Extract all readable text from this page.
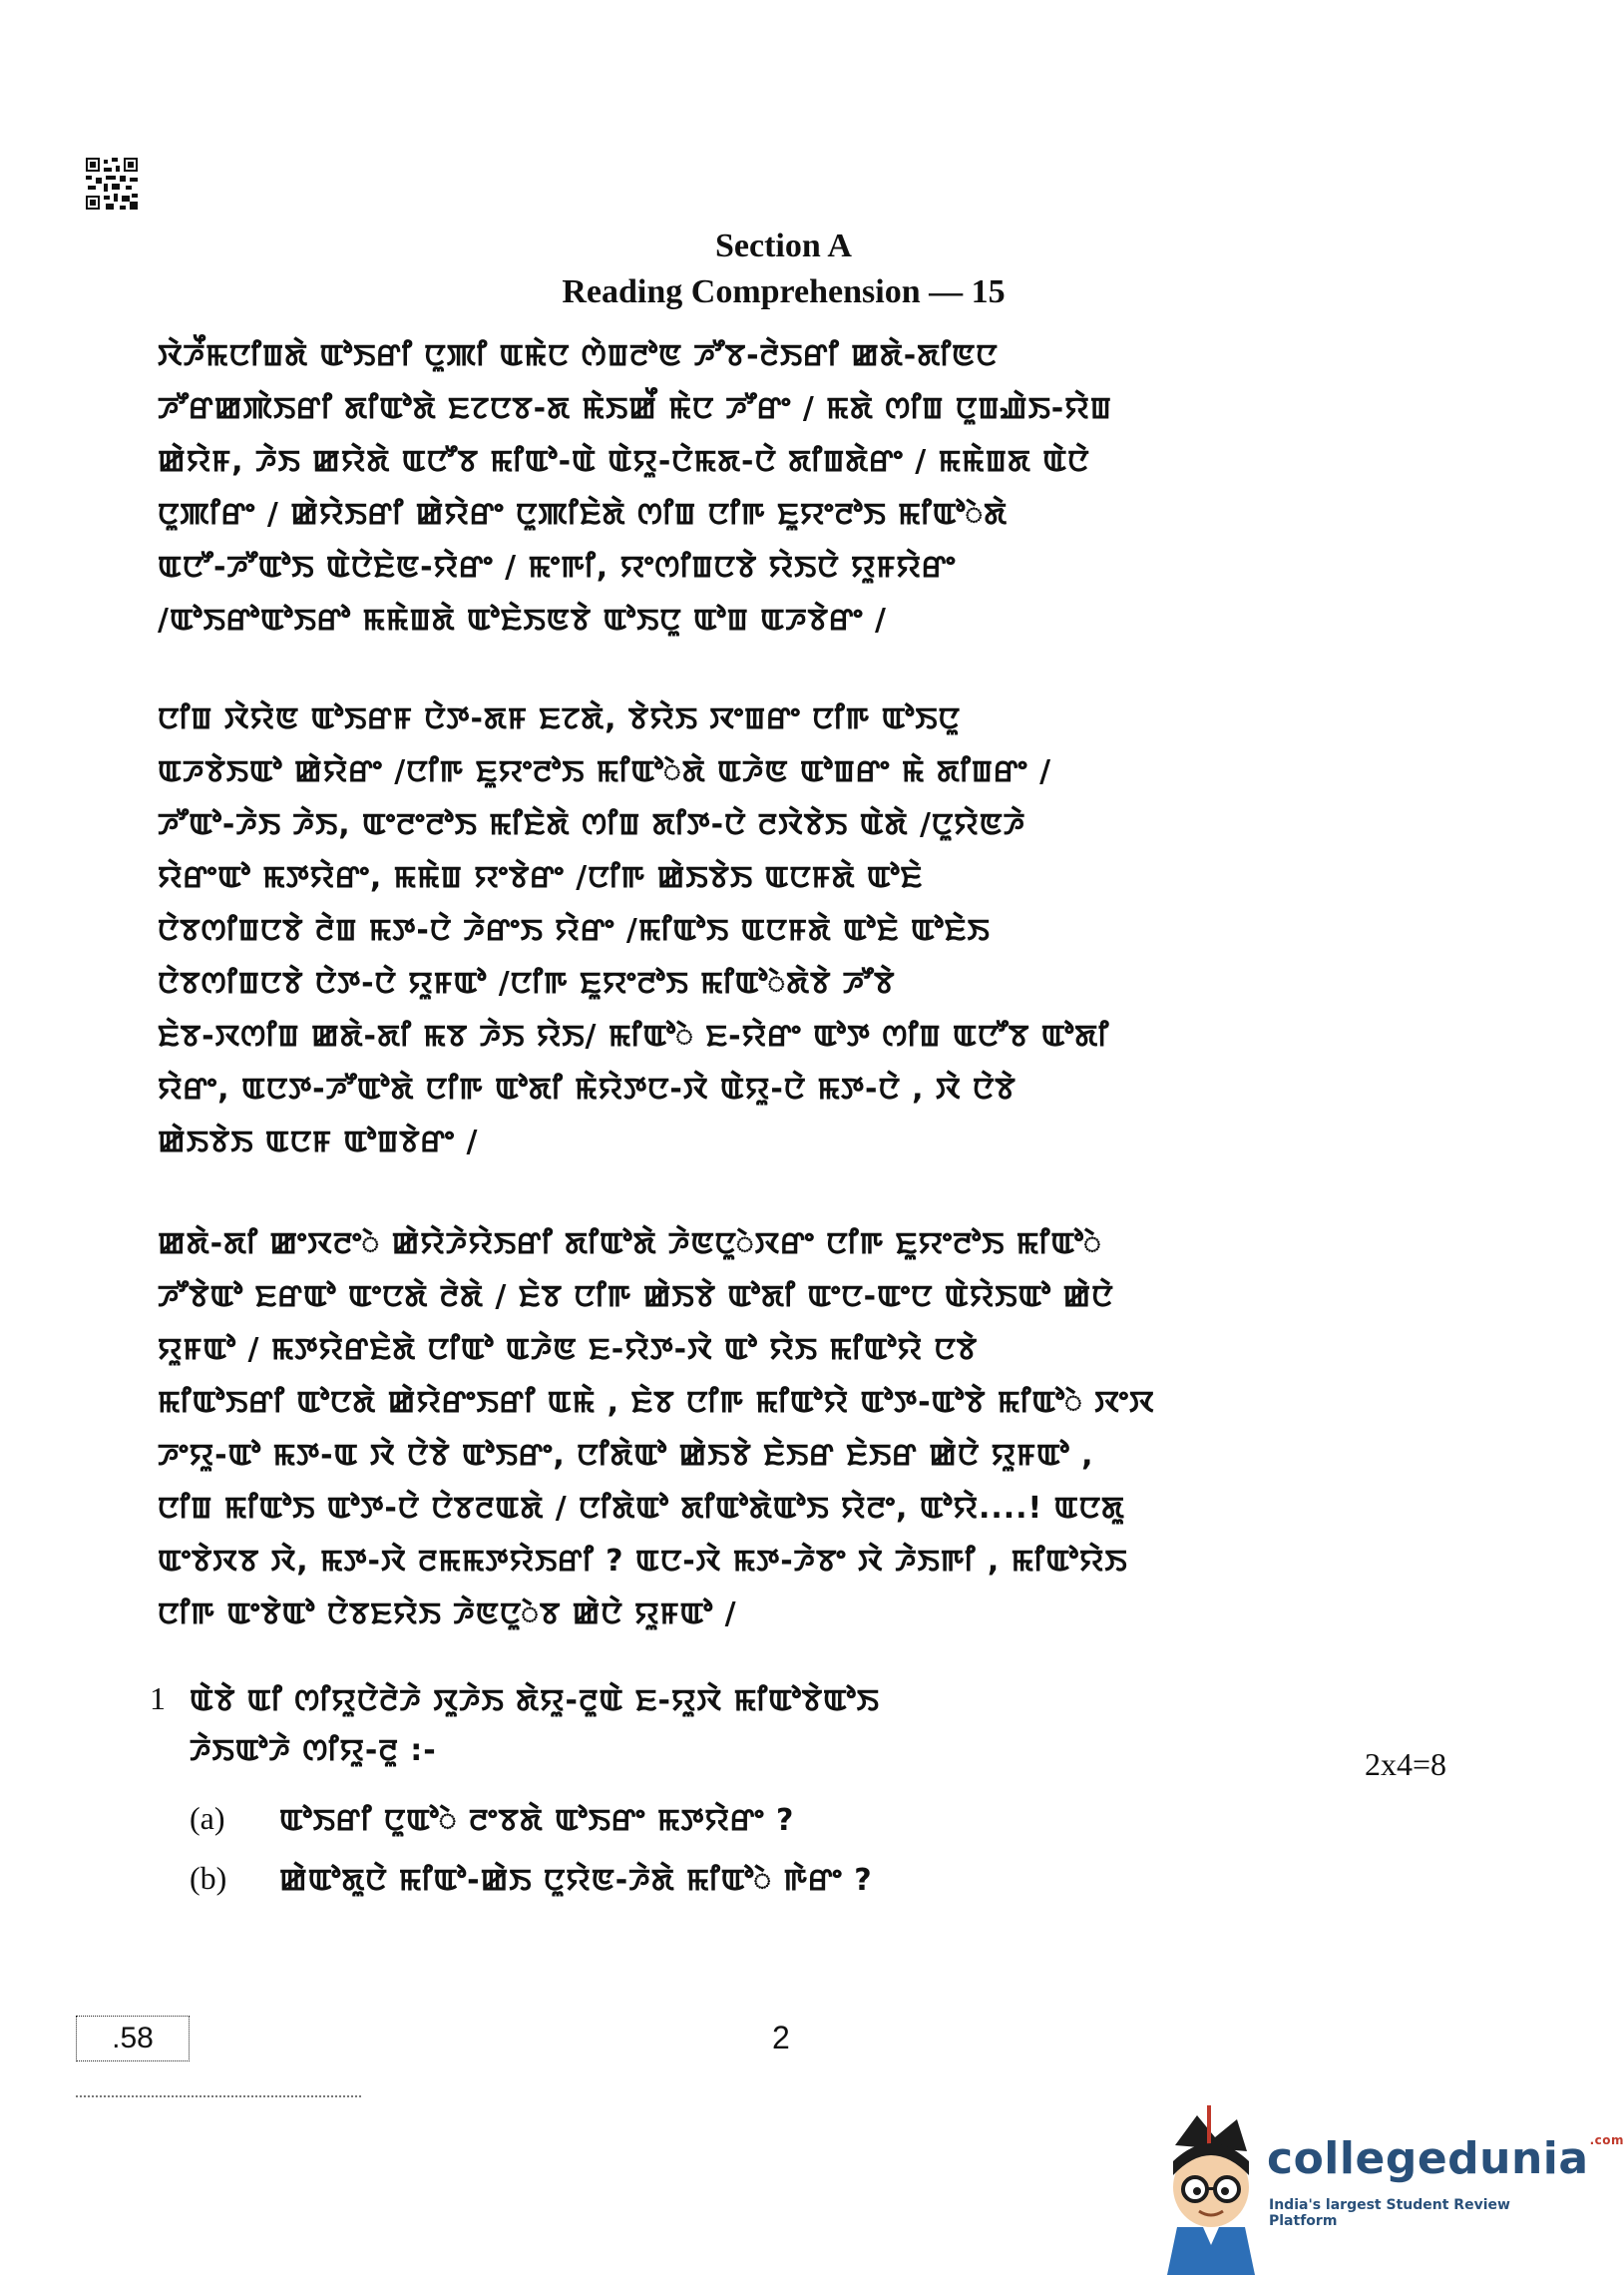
Section A
Reading Comprehension — 15
ꯋꯥꯍꯩꯃꯅꯤꯡꯗꯥ ꯑꯣꯏꯔꯤ ꯅꯨꯄꯤ ꯑꯃꯥꯅ ꯁꯥꯡꯂꯣꯟ ꯍꯧꯕ-ꯂꯥꯏꯔꯤ ꯀꯗꯥ-ꯗꯤꯟꯅ
ꯍꯧꯔꯀꯄꯥꯏꯔꯤ ꯗꯤꯑꯣꯗꯥ ꯐꯖꯅꯕ-ꯗ ꯃꯥꯏꯀꯩ ꯃꯥꯅ ꯍꯧꯔꯦ / ꯃꯗꯥ ꯁꯤꯡ ꯅꯨꯡꯉꯥꯏ-ꯌꯥꯡ
ꯀꯥꯌꯥꯝ, ꯍꯥꯏ ꯀꯌꯥꯗꯥ ꯑꯅꯧꯕ ꯃꯤꯑꯣ-ꯑꯥ ꯑꯥꯌꯨ-ꯅꯥꯃꯗ-ꯅꯥ ꯗꯤꯡꯗꯥꯔꯦ / ꯃꯃꯥꯡꯗ ꯑꯥꯅꯥ
ꯅꯨꯄꯤꯔꯦ / ꯀꯥꯌꯥꯏꯔꯤ ꯀꯥꯌꯥꯔꯦ ꯅꯨꯄꯤꯐꯥꯗꯥ ꯁꯤꯡ ꯅꯤꯒ ꯐꯨꯌꯦꯂꯣꯏ ꯃꯤꯑꯣꯥꯗꯥ
ꯑꯅꯧ-ꯍꯧꯑꯣꯏ ꯑꯥꯅꯥꯐꯥꯟ-ꯌꯥꯔꯦ / ꯃꯦꯒꯤ, ꯌꯦꯁꯤꯡꯅꯕꯥ ꯌꯥꯏꯅꯥ ꯌꯨꯝꯌꯥꯔꯦ
/ꯑꯣꯏꯔꯣꯑꯣꯏꯔꯣ ꯃꯃꯥꯡꯗꯥ ꯑꯣꯐꯥꯏꯟꯕꯥ ꯑꯣꯏꯅꯨ ꯑꯣꯡ ꯑꯍꯕꯥꯔꯦ /
ꯅꯤꯡ ꯋꯥꯌꯥꯟ ꯑꯣꯏꯔꯝ ꯅꯥꯇ-ꯗꯝ ꯐꯖꯗꯥ, ꯕꯥꯌꯥꯏ ꯋꯦꯡꯔꯦ ꯅꯤꯒ ꯑꯣꯏꯅꯨ
ꯑꯍꯕꯥꯏꯑꯣ ꯀꯥꯌꯥꯔꯦ /ꯅꯤꯒ ꯐꯨꯌꯦꯂꯣꯏ ꯃꯤꯑꯣꯥꯗꯥ ꯑꯍꯥꯟ ꯑꯣꯡꯔꯦ ꯃꯥ ꯗꯤꯡꯔꯦ /
ꯍꯧꯑꯣ-ꯍꯥꯏ ꯍꯥꯏ, ꯑꯦꯂꯦꯂꯣꯏ ꯃꯤꯐꯥꯗꯥ ꯁꯤꯡ ꯗꯤꯇ-ꯅꯥ ꯂꯋꯥꯕꯥꯏ ꯑꯥꯗꯥ /ꯅꯨꯌꯥꯟꯍꯥ
ꯌꯥꯔꯦꯑꯣ ꯃꯇꯌꯥꯔꯦ, ꯃꯃꯥꯡ ꯌꯦꯕꯥꯔꯦ /ꯅꯤꯒ ꯀꯥꯏꯕꯥꯏ ꯑꯅꯝꯗꯥ ꯑꯣꯐꯥ
ꯅꯥꯕꯁꯤꯡꯅꯕꯥ ꯂꯥꯡ ꯃꯇ-ꯅꯥ ꯍꯥꯔꯦꯏ ꯌꯥꯔꯦ /ꯃꯤꯑꯣꯏ ꯑꯅꯝꯗꯥ ꯑꯣꯐꯥ ꯑꯣꯐꯥꯏ
ꯅꯥꯕꯁꯤꯡꯅꯕꯥ ꯅꯥꯇ-ꯅꯥ ꯌꯨꯝꯑꯣ /ꯅꯤꯒ ꯐꯨꯌꯦꯂꯣꯏ ꯃꯤꯑꯣꯥꯗꯥꯕꯥ ꯍꯧꯕꯥ
ꯐꯥꯕ-ꯋꯁꯤꯡ ꯀꯗꯥ-ꯗꯤ ꯃꯕ ꯍꯥꯏ ꯌꯥꯏ/ ꯃꯤꯑꯣꯥ ꯐ-ꯌꯥꯔꯦ ꯑꯣꯇ ꯁꯤꯡ ꯑꯅꯧꯕ ꯑꯣꯗꯤ
ꯌꯥꯔꯦ, ꯑꯅꯇ-ꯍꯧꯑꯣꯗꯥ ꯅꯤꯒ ꯑꯣꯗꯤ ꯃꯥꯌꯥꯇꯅ-ꯋꯥ ꯑꯥꯌꯨ-ꯅꯥ ꯃꯇ-ꯅꯥ , ꯋꯥ ꯅꯥꯕꯥ
ꯀꯥꯏꯕꯥꯏ ꯑꯅꯝ ꯑꯣꯡꯕꯥꯔꯦ /
ꯀꯗꯥ-ꯗꯤ ꯀꯦꯋꯂꯦꯥ ꯀꯥꯌꯥꯍꯥꯌꯥꯏꯔꯤ ꯗꯤꯑꯣꯗꯥ ꯍꯥꯟꯅꯨꯥꯋꯔꯦ ꯅꯤꯒ ꯐꯨꯌꯦꯂꯣꯏ ꯃꯤꯑꯣꯥ
ꯍꯧꯕꯥꯑꯣ ꯐꯔꯑꯣ ꯑꯦꯅꯗꯥ ꯂꯥꯗꯥ / ꯐꯥꯕ ꯅꯤꯒ ꯀꯥꯏꯕꯥ ꯑꯣꯗꯤ ꯑꯦꯅ-ꯑꯦꯅ ꯑꯥꯌꯥꯏꯑꯣ ꯀꯥꯅꯥ
ꯌꯨꯝꯑꯣ / ꯃꯇꯌꯥꯔꯐꯥꯗꯥ ꯅꯤꯑꯣ ꯑꯍꯥꯟ ꯐ-ꯌꯥꯇ-ꯋꯥ ꯑꯣ ꯌꯥꯏ ꯃꯤꯑꯣꯌꯥ ꯅꯕꯥ
ꯃꯤꯑꯣꯏꯔꯤ ꯑꯣꯅꯗꯥ ꯀꯥꯌꯥꯔꯦꯏꯔꯤ ꯑꯃꯥ , ꯐꯥꯕ ꯅꯤꯒ ꯃꯤꯑꯣꯌꯥ ꯑꯣꯇ-ꯑꯣꯕꯥ ꯃꯤꯑꯣꯥ ꯋꯦꯋ
ꯍꯦꯌꯨ-ꯑꯣ ꯃꯇ-ꯑ ꯋꯥ ꯅꯥꯕꯥ ꯑꯣꯏꯔꯦ, ꯅꯤꯗꯥꯑꯣ ꯀꯥꯏꯕꯥ ꯐꯥꯏꯔ ꯐꯥꯏꯔ ꯀꯥꯅꯥ ꯌꯨꯝꯑꯣ ,
ꯅꯤꯡ ꯃꯤꯑꯣꯏ ꯑꯣꯇ-ꯅꯥ ꯅꯥꯕꯂꯑꯗꯥ / ꯅꯤꯗꯥꯑꯣ ꯗꯤꯑꯣꯗꯥꯑꯣꯏ ꯌꯥꯂꯦ, ꯑꯣꯌꯥ....! ꯑꯅꯗꯨ
ꯑꯦꯕꯥꯋꯕ ꯋꯥ, ꯃꯇ-ꯋꯥ ꯂꯃꯃꯇꯌꯥꯏꯔꯤ ? ꯑꯅ-ꯋꯥ ꯃꯇ-ꯍꯥꯕꯦ ꯋꯥ ꯍꯥꯏꯒꯤ , ꯃꯤꯑꯣꯌꯥꯏ
ꯅꯤꯒ ꯑꯦꯕꯥꯑꯣ ꯅꯥꯕꯐꯌꯥꯏ ꯍꯥꯟꯅꯨꯥꯕ ꯀꯥꯅꯥ ꯌꯨꯝꯑꯣ /
1 ꯑꯥꯕꯥ ꯑꯤ ꯁꯤꯌꯨꯅꯥꯂꯥꯍꯥ ꯋꯨꯍꯥꯏ ꯗꯥꯌꯨ-ꯂꯨꯑꯥ ꯐ-ꯌꯨꯋꯥ ꯃꯤꯑꯣꯕꯥꯑꯣꯏ
ꯍꯥꯏꯑꯣꯍꯥ ꯁꯤꯌꯨ-ꯂꯨ :-	2x4=8
(a) ꯑꯣꯏꯔꯤ ꯅꯨꯑꯣꯥ ꯂꯦꯕꯗꯥ ꯑꯣꯏꯔꯦ ꯃꯇꯌꯥꯔꯦ ?
(b) ꯀꯥꯑꯣꯗꯨꯅꯥ ꯃꯤꯑꯣ-ꯀꯥꯏ ꯅꯨꯌꯥꯟ-ꯍꯥꯗꯥ ꯃꯤꯑꯣꯥ ꯒꯥꯔꯦ ?
.58	2
collegedunia$^{.com}$
India's largest Student Review Platform
